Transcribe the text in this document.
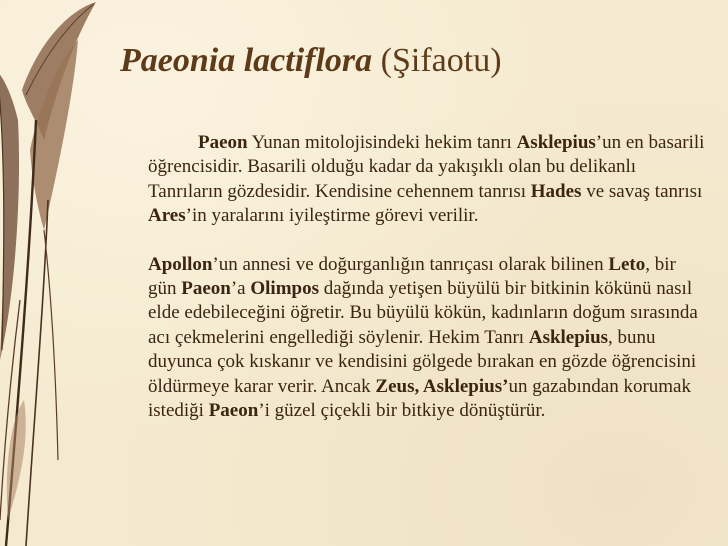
Paeonia lactiflora (Şifaotu)

Paeon Yunan mitolojisindeki hekim tanrı Asklepius’un en basarili öğrencisidir. Basarili olduğu kadar da yakışıklı olan bu delikanlı Tanrıların gözdesidir. Kendisine cehennem tanrısı Hades ve savaş tanrısı Ares’in yaralarını iyileştirme görevi verilir.

Apollon’un annesi ve doğurganlığın tanrıçası olarak bilinen Leto, bir gün Paeon’a Olimpos dağında yetişen büyülü bir bitkinin kökünü nasıl elde edebileceğini öğretir. Bu büyülü kökün, kadınların doğum sırasında acı çekmelerini engellediği söylenir. Hekim Tanrı Asklepius, bunu duyunca çok kıskanır ve kendisini gölgede bırakan en gözde öğrencisini öldürmeye karar verir. Ancak Zeus, Asklepius’un gazabından korumak istediği Paeon’i güzel çiçekli bir bitkiye dönüştürür.
